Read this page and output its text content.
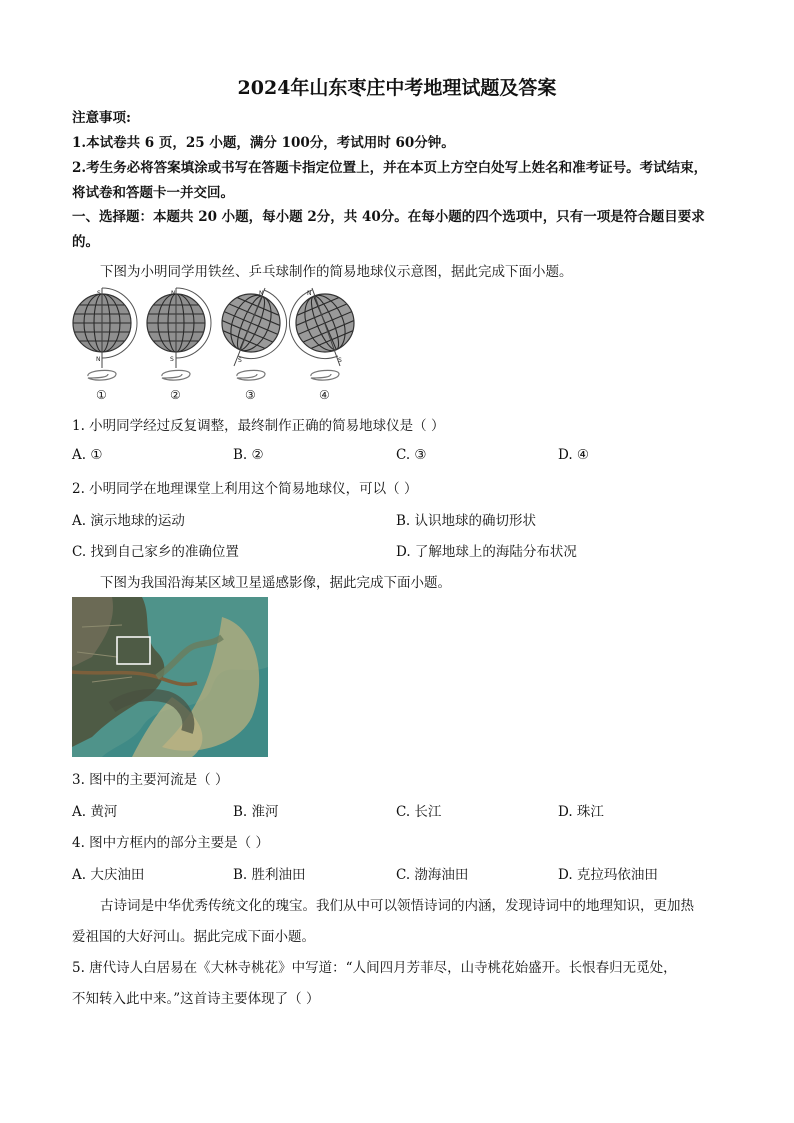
2024年山东枣庄中考地理试题及答案
注意事项:
1.本试卷共 6 页，25 小题，满分 100分，考试用时 60分钟。
2.考生务必将答案填涂或书写在答题卡指定位置上，并在本页上方空白处写上姓名和准考证号。考试结束，
将试卷和答题卡一并交回。
一、选择题：本题共 20 小题，每小题 2分，共 40分。在每小题的四个选项中，只有一项是符合题目要求
的。
下图为小明同学用铁丝、乒乓球制作的简易地球仪示意图，据此完成下面小题。
S
N
N
S
N
S
N
S
①	②	③	④
1. 小明同学经过反复调整，最终制作正确的简易地球仪是（ ）
A. ①	B. ②	C. ③	D. ④
2. 小明同学在地理课堂上利用这个简易地球仪，可以（ ）
A. 演示地球的运动	B. 认识地球的确切形状
C. 找到自己家乡的准确位置	D. 了解地球上的海陆分布状况
下图为我国沿海某区域卫星遥感影像，据此完成下面小题。
3. 图中的主要河流是（ ）
A. 黄河	B. 淮河	C. 长江	D. 珠江
4. 图中方框内的部分主要是（ ）
A. 大庆油田	B. 胜利油田	C. 渤海油田	D. 克拉玛依油田
古诗词是中华优秀传统文化的瑰宝。我们从中可以领悟诗词的内涵，发现诗词中的地理知识，更加热
爱祖国的大好河山。据此完成下面小题。
5. 唐代诗人白居易在《大林寺桃花》中写道：“人间四月芳菲尽，山寺桃花始盛开。长恨春归无觅处，
不知转入此中来。”这首诗主要体现了（ ）
